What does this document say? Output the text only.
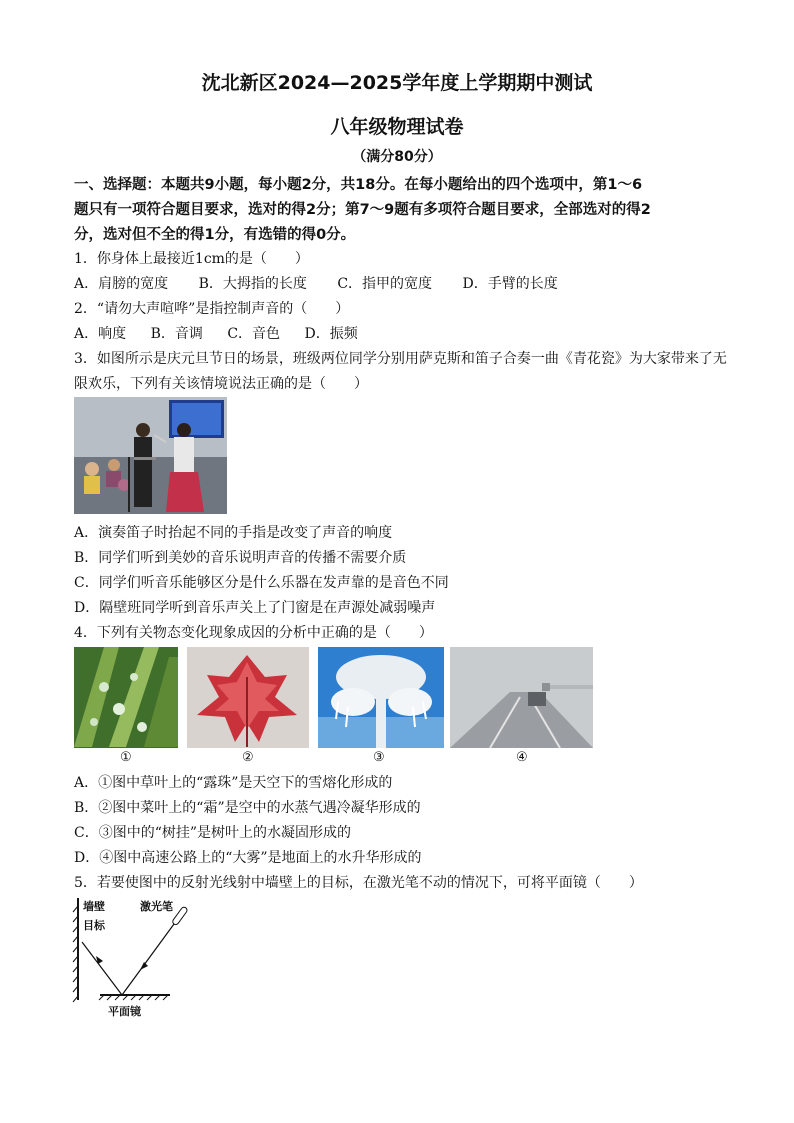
沈北新区2024—2025学年度上学期期中测试
八年级物理试卷
（满分80分）
一、选择题：本题共9小题，每小题2分，共18分。在每小题给出的四个选项中，第1～6
题只有一项符合题目要求，选对的得2分；第7～9题有多项符合题目要求，全部选对的得2
分，选对但不全的得1分，有选错的得0分。
1．你身体上最接近1cm的是（　　）
A．肩膀的宽度 B．大拇指的长度 C．指甲的宽度 D．手臂的长度
2．“请勿大声喧哗”是指控制声音的（　　）
A．响度 B．音调 C．音色 D．振频
3．如图所示是庆元旦节日的场景，班级两位同学分别用萨克斯和笛子合奏一曲《青花瓷》为大家带来了无
限欢乐，下列有关该情境说法正确的是（　　）
A．演奏笛子时抬起不同的手指是改变了声音的响度
B．同学们听到美妙的音乐说明声音的传播不需要介质
C．同学们听音乐能够区分是什么乐器在发声靠的是音色不同
D．隔壁班同学听到音乐声关上了门窗是在声源处减弱噪声
4．下列有关物态变化现象成因的分析中正确的是（　　）
①	②	③	④
A．①图中草叶上的“露珠”是天空下的雪熔化形成的
B．②图中菜叶上的“霜”是空中的水蒸气遇冷凝华形成的
C．③图中的“树挂”是树叶上的水凝固形成的
D．④图中高速公路上的“大雾”是地面上的水升华形成的
5．若要使图中的反射光线射中墙壁上的目标，在激光笔不动的情况下，可将平面镜（　　）
墙壁
目标
激光笔
平面镜
